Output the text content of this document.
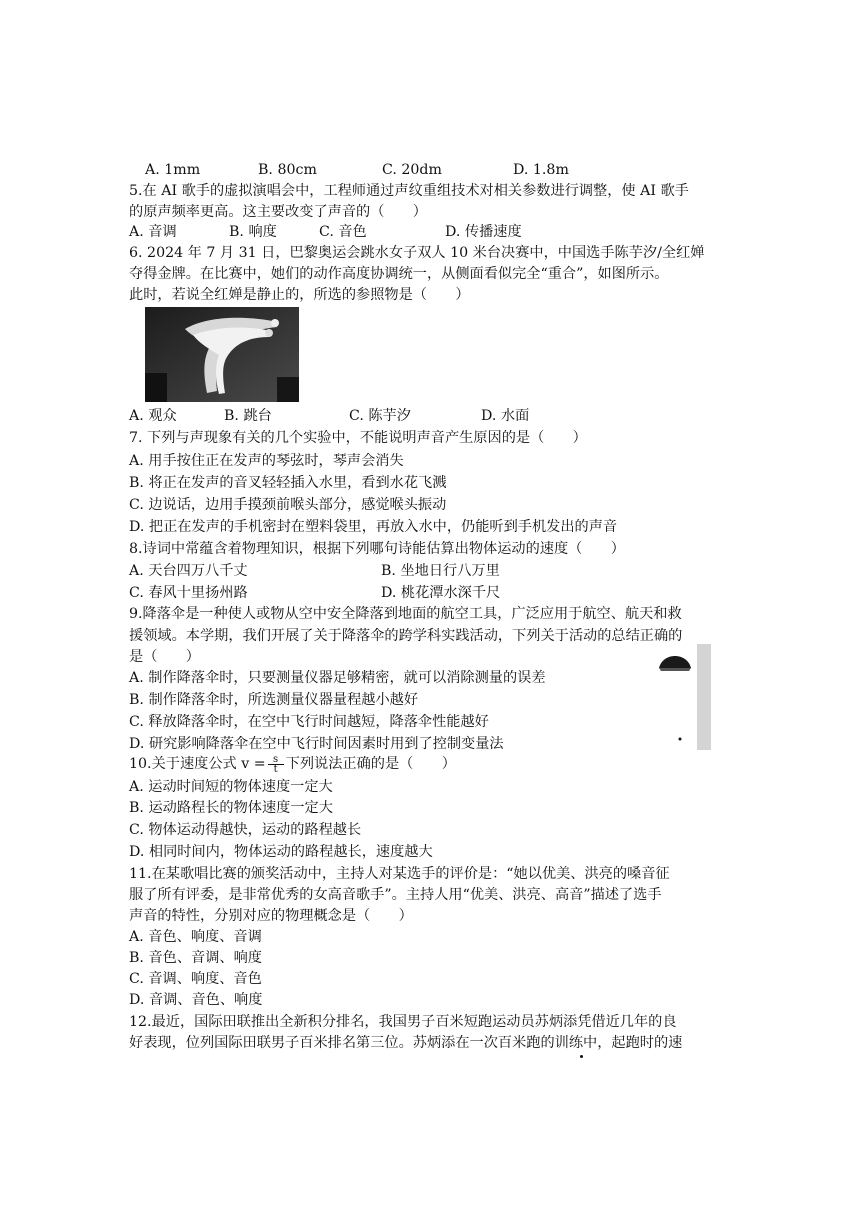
A. 1mm	B. 80cm	C. 20dm	D. 1.8m
5.在 AI 歌手的虚拟演唱会中，工程师通过声纹重组技术对相关参数进行调整，使 AI 歌手
的原声频率更高。这主要改变了声音的（　　）
A. 音调	B. 响度	C. 音色	D. 传播速度
6. 2024 年 7 月 31 日，巴黎奥运会跳水女子双人 10 米台决赛中，中国选手陈芋汐/全红婵
夺得金牌。在比赛中，她们的动作高度协调统一，从侧面看似完全“重合”，如图所示。
此时，若说全红婵是静止的，所选的参照物是（　　）
A. 观众	B. 跳台	C. 陈芋汐	D. 水面
7. 下列与声现象有关的几个实验中，不能说明声音产生原因的是（　　）
A. 用手按住正在发声的琴弦时，琴声会消失
B. 将正在发声的音叉轻轻插入水里，看到水花飞溅
C. 边说话，边用手摸颈前喉头部分，感觉喉头振动
D. 把正在发声的手机密封在塑料袋里，再放入水中，仍能听到手机发出的声音
8.诗词中常蕴含着物理知识，根据下列哪句诗能估算出物体运动的速度（　　）
A. 天台四万八千丈	B. 坐地日行八万里
C. 春风十里扬州路	D. 桃花潭水深千尺
9.降落伞是一种使人或物从空中安全降落到地面的航空工具，广泛应用于航空、航天和救
援领域。本学期，我们开展了关于降落伞的跨学科实践活动，下列关于活动的总结正确的
是（　　）
A. 制作降落伞时，只要测量仪器足够精密，就可以消除测量的误差
B. 制作降落伞时，所选测量仪器量程越小越好
C. 释放降落伞时，在空中飞行时间越短，降落伞性能越好
D. 研究影响降落伞在空中飞行时间因素时用到了控制变量法
10.关于速度公式 $v = \frac{s}{t}$ 下列说法正确的是（　　）
A. 运动时间短的物体速度一定大
B. 运动路程长的物体速度一定大
C. 物体运动得越快，运动的路程越长
D. 相同时间内，物体运动的路程越长，速度越大
11.在某歌唱比赛的颁奖活动中，主持人对某选手的评价是：“她以优美、洪亮的嗓音征
服了所有评委，是非常优秀的女高音歌手”。主持人用“优美、洪亮、高音”描述了选手
声音的特性，分别对应的物理概念是（　　）
A. 音色、响度、音调
B. 音色、音调、响度
C. 音调、响度、音色
D. 音调、音色、响度
12.最近，国际田联推出全新积分排名，我国男子百米短跑运动员苏炳添凭借近几年的良
好表现，位列国际田联男子百米排名第三位。苏炳添在一次百米跑的训练中，起跑时的速
